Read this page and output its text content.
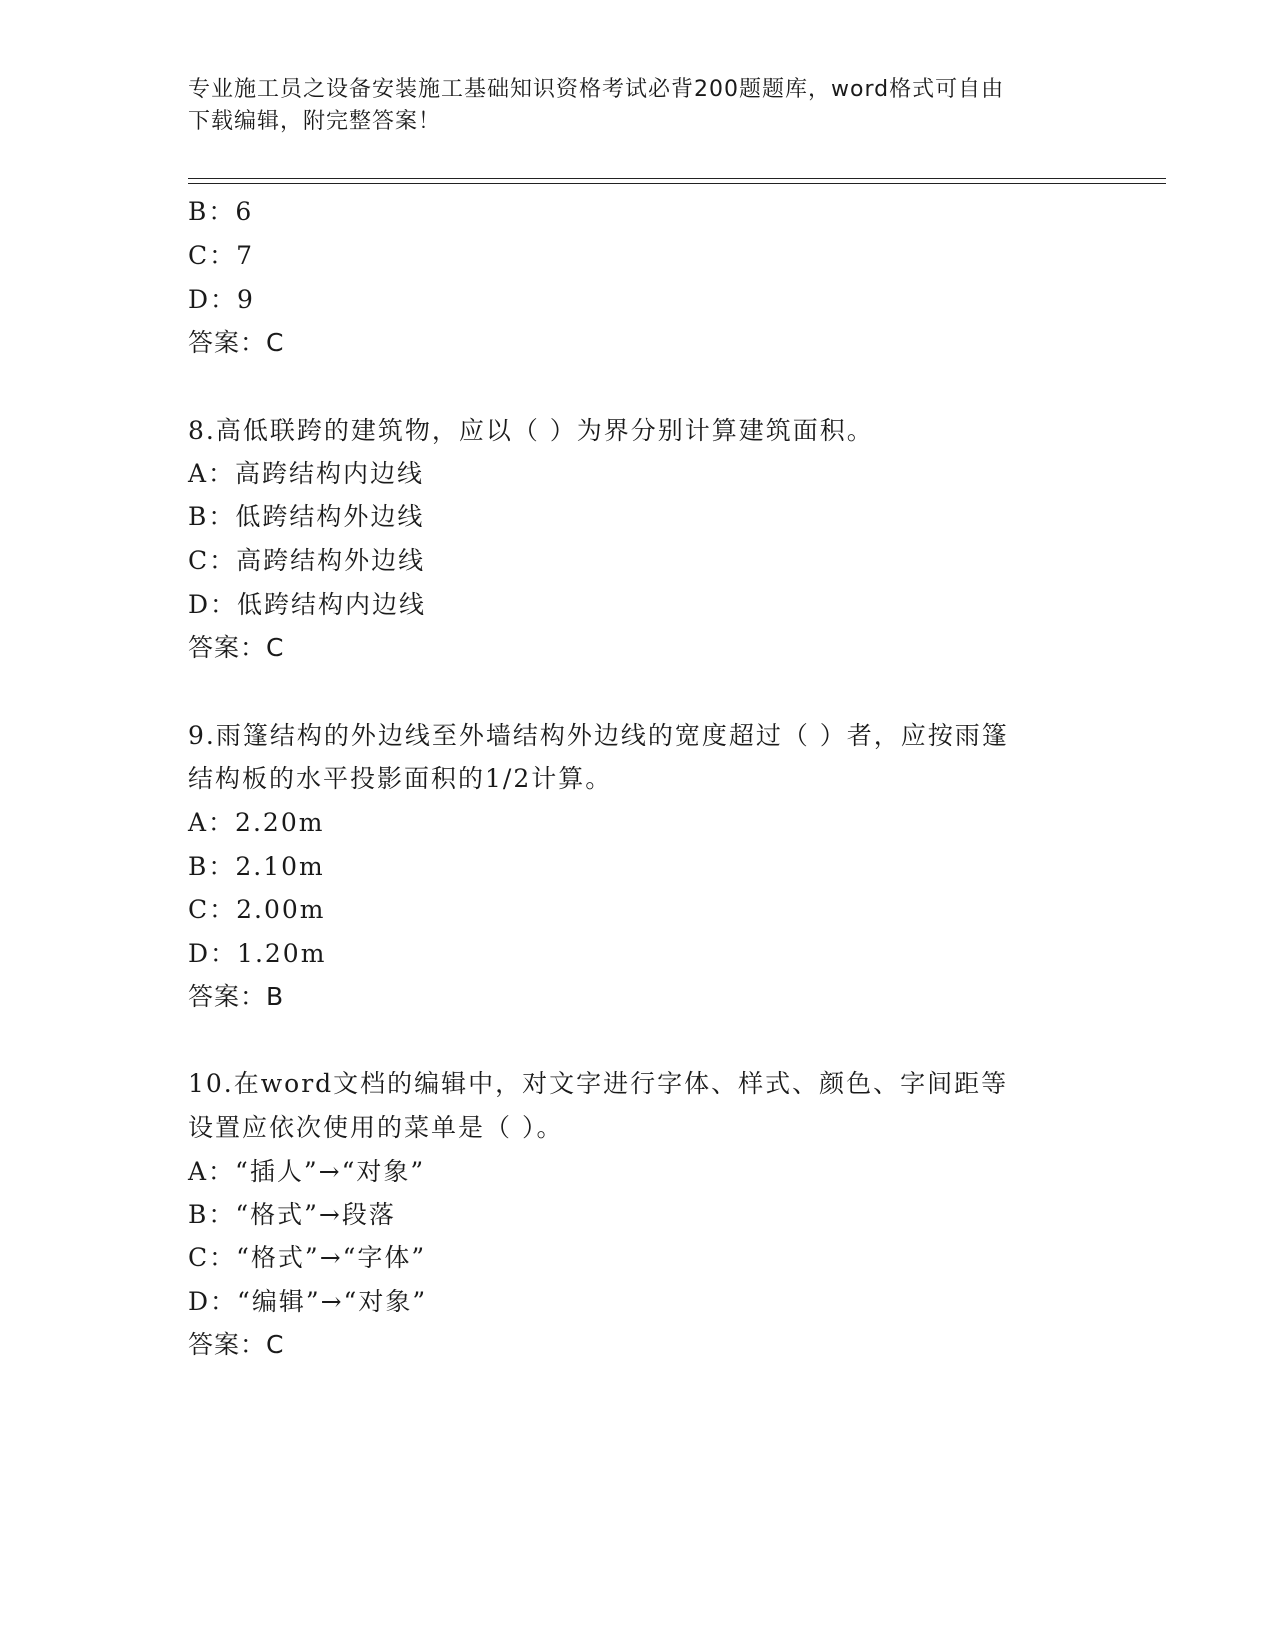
专业施工员之设备安装施工基础知识资格考试必背200题题库，word格式可自由
下载编辑，附完整答案！
B：6
C：7
D：9
答案：C
8.高低联跨的建筑物，应以（ ）为界分别计算建筑面积。
A：高跨结构内边线
B：低跨结构外边线
C：高跨结构外边线
D：低跨结构内边线
答案：C
9.雨篷结构的外边线至外墙结构外边线的宽度超过（ ）者，应按雨篷
结构板的水平投影面积的1/2计算。
A：2.20m
B：2.10m
C：2.00m
D：1.20m
答案：B
10.在word文档的编辑中，对文字进行字体、样式、颜色、字间距等
设置应依次使用的菜单是（ ）。
A：“插人”→“对象”
B：“格式”→段落
C：“格式”→“字体”
D：“编辑”→“对象”
答案：C
